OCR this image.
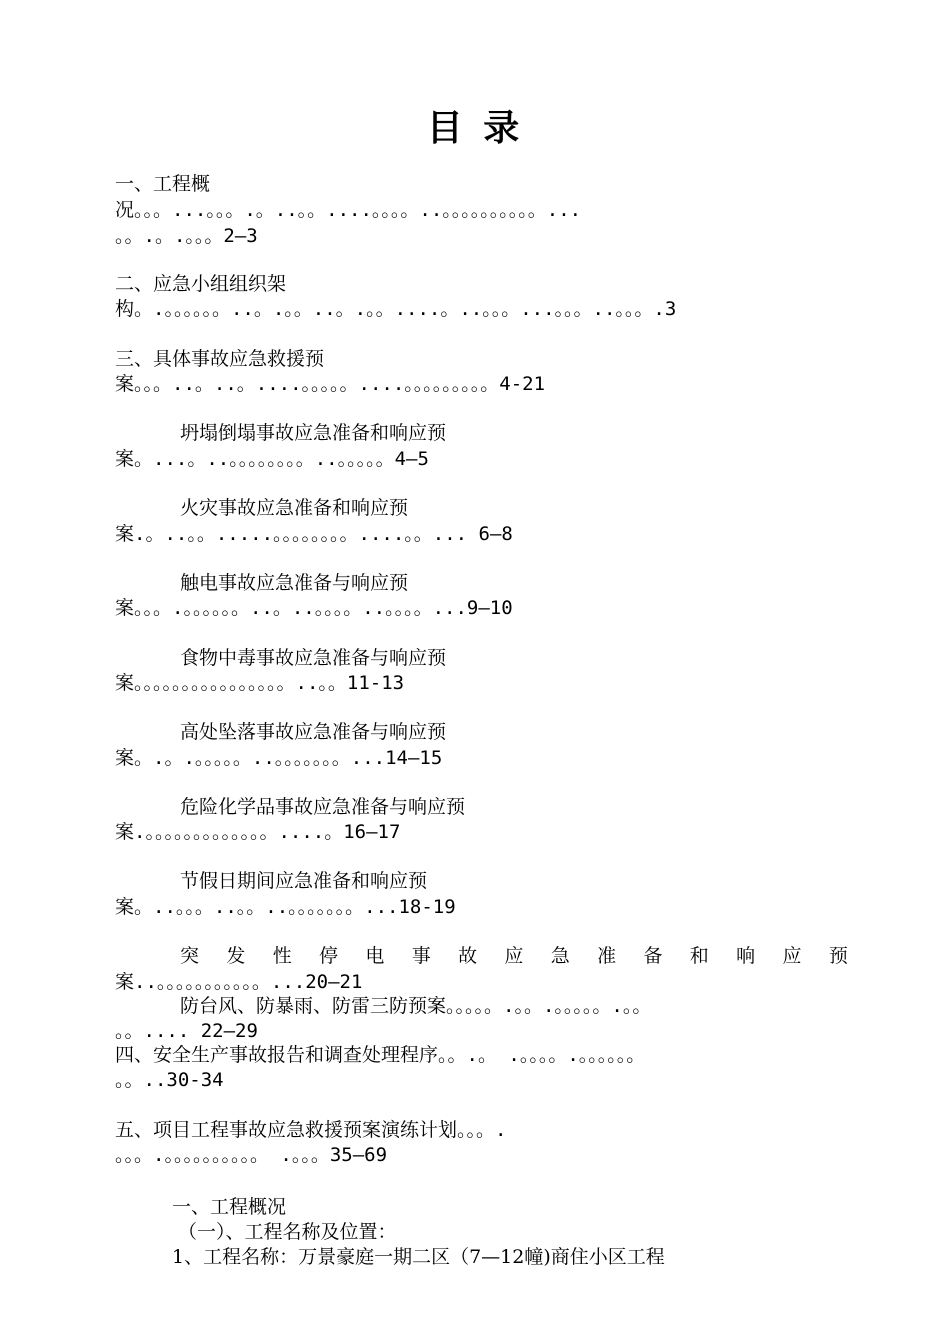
目 录
一、工程概
况。。。...。。。.。..。。....。。。。..。。。。。。。。。。...
。。.。.。。。2—3
二、应急小组组织架
构。.。。。。。。..。.。。..。.。。....。..。。。...。。。..。。。.3
三、具体事故应急救援预
案。。。..。..。....。。。。。....。。。。。。。。。4-21
坍塌倒塌事故应急准备和响应预
案。...。..。。。。。。。。..。。。。。4—5
火灾事故应急准备和响应预
案.。..。。.....。。。。。。。。....。。... 6—8
触电事故应急准备与响应预
案。。。.。。。。。。..。..。。。。..。。。。...9—10
食物中毒事故应急准备与响应预
案。。。。。。。。。。。。。。。。..。。11-13
高处坠落事故应急准备与响应预
案。.。.。。。。。..。。。。。。。...14—15
危险化学品事故应急准备与响应预
案.。。。。。。。。。。。。。....。16—17
节假日期间应急准备和响应预
案。..。。。..。。..。。。。。。。...18-19
突 发 性 停 电 事 故 应 急 准 备 和 响 应 预
案..。。。。。。。。。。。...20—21
防台风、防暴雨、防雷三防预案。。。。。.。。.。。。。。.。。
。。.... 22—29
四、安全生产事故报告和调查处理程序。。.。 .。。。。.。。。。。。
。。..30-34
五、项目工程事故应急救援预案演练计划。。。.
。。。.。。。。。。。。。。 .。。。35—69
一、工程概况
（一）、工程名称及位置：
1、工程名称：万景豪庭一期二区（7—12幢)商住小区工程
